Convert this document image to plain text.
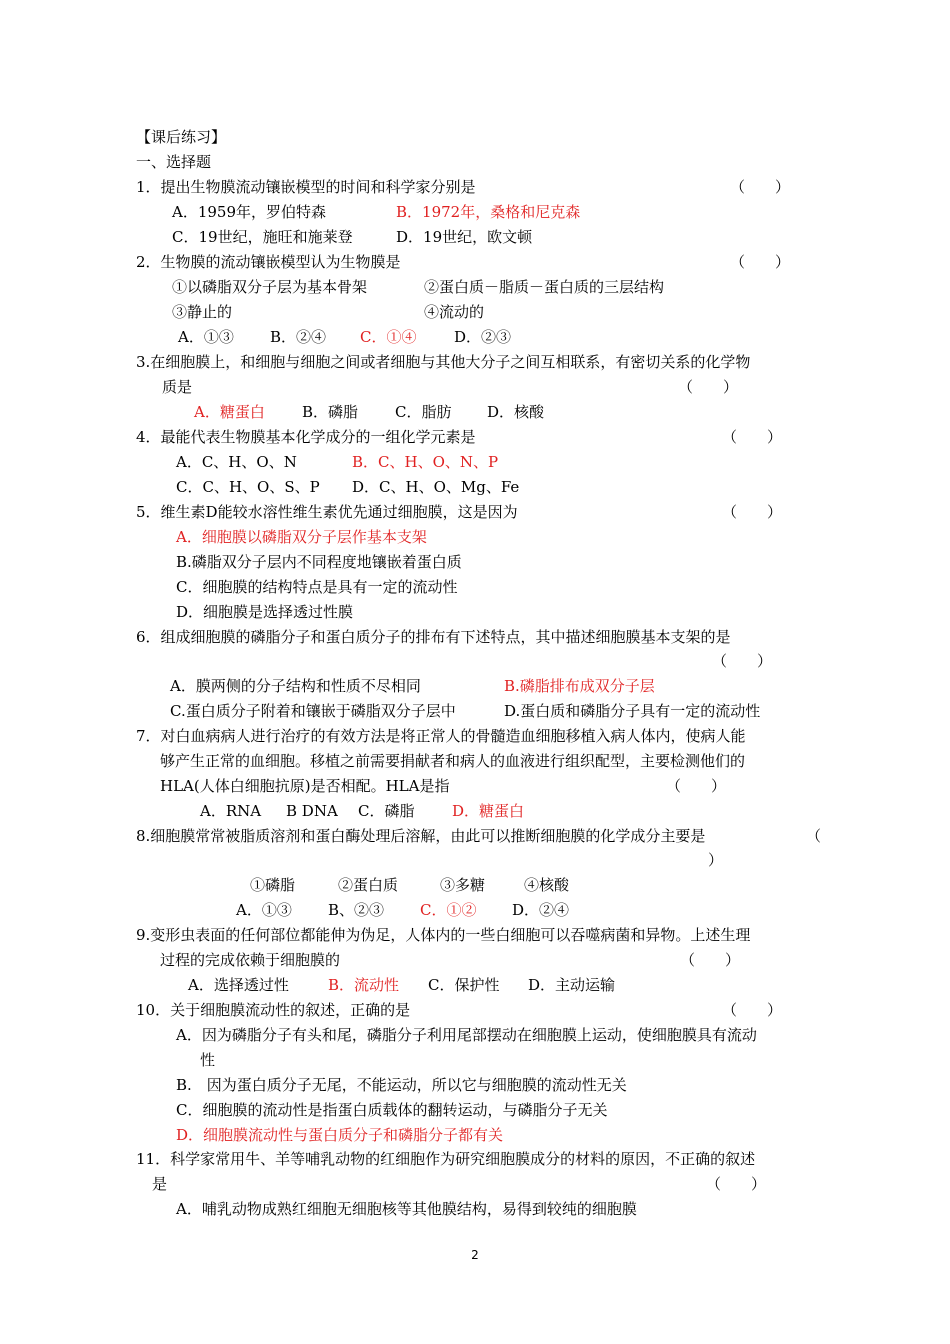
【课后练习】
一、选择题
1．提出生物膜流动镶嵌模型的时间和科学家分别是	（　　）
A．1959年，罗伯特森	B．1972年，桑格和尼克森
C．19世纪，施旺和施莱登	D．19世纪，欧文顿
2．生物膜的流动镶嵌模型认为生物膜是	（　　）
①以磷脂双分子层为基本骨架	②蛋白质－脂质－蛋白质的三层结构
③静止的	④流动的
A．①③ B．②④ C．①④	D．②③
3.在细胞膜上，和细胞与细胞之间或者细胞与其他大分子之间互相联系，有密切关系的化学物
质是	（　　）
A．糖蛋白 B．磷脂 C．脂肪 D．核酸
4．最能代表生物膜基本化学成分的一组化学元素是	（　　）
A．C、H、O、N	B．C、H、O、N、P
C．C、H、O、S、P D．C、H、O、Mg、Fe
5．维生素D能较水溶性维生素优先通过细胞膜，这是因为	（　　）
A．细胞膜以磷脂双分子层作基本支架
B.磷脂双分子层内不同程度地镶嵌着蛋白质
C．细胞膜的结构特点是具有一定的流动性
D．细胞膜是选择透过性膜
6．组成细胞膜的磷脂分子和蛋白质分子的排布有下述特点，其中描述细胞膜基本支架的是
（　　）
A．膜两侧的分子结构和性质不尽相同	B.磷脂排布成双分子层
C.蛋白质分子附着和镶嵌于磷脂双分子层中	D.蛋白质和磷脂分子具有一定的流动性
7．对白血病病人进行治疗的有效方法是将正常人的骨髓造血细胞移植入病人体内，使病人能
够产生正常的血细胞。移植之前需要捐献者和病人的血液进行组织配型，主要检测他们的
HLA(人体白细胞抗原)是否相配。HLA是指	（　　）
A．RNA B DNA C．磷脂	D．糖蛋白
8.细胞膜常常被脂质溶剂和蛋白酶处理后溶解，由此可以推断细胞膜的化学成分主要是	（
）
①磷脂	②蛋白质	③多糖	④核酸
A．①③ B、②③ C．①② D．②④
9.变形虫表面的任何部位都能伸为伪足，人体内的一些白细胞可以吞噬病菌和异物。上述生理
过程的完成依赖于细胞膜的	（　　）
A．选择透过性	B．流动性 C．保护性 D．主动运输
10．关于细胞膜流动性的叙述，正确的是	（　　）
A．因为磷脂分子有头和尾，磷脂分子利用尾部摆动在细胞膜上运动，使细胞膜具有流动
性
B.　因为蛋白质分子无尾，不能运动，所以它与细胞膜的流动性无关
C．细胞膜的流动性是指蛋白质载体的翻转运动，与磷脂分子无关
D．细胞膜流动性与蛋白质分子和磷脂分子都有关
11．科学家常用牛、羊等哺乳动物的红细胞作为研究细胞膜成分的材料的原因，不正确的叙述
是	（　　）
A．哺乳动物成熟红细胞无细胞核等其他膜结构，易得到较纯的细胞膜
2
